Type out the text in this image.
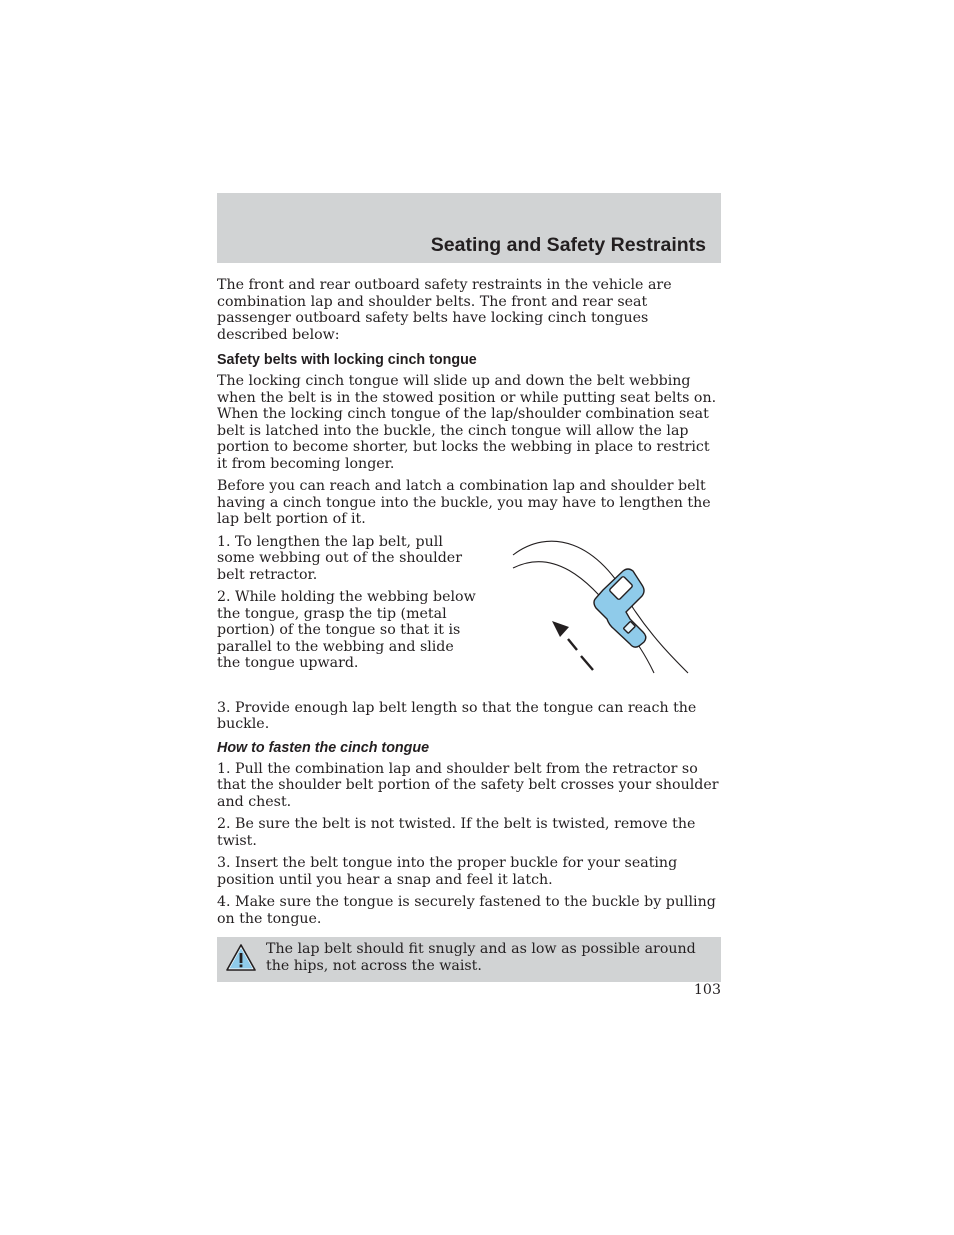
Seating and Safety Restraints

The front and rear outboard safety restraints in the vehicle are combination lap and shoulder belts. The front and rear seat passenger outboard safety belts have locking cinch tongues described below:

Safety belts with locking cinch tongue

The locking cinch tongue will slide up and down the belt webbing when the belt is in the stowed position or while putting seat belts on. When the locking cinch tongue of the lap/shoulder combination seat belt is latched into the buckle, the cinch tongue will allow the lap portion to become shorter, but locks the webbing in place to restrict it from becoming longer.

Before you can reach and latch a combination lap and shoulder belt having a cinch tongue into the buckle, you may have to lengthen the lap belt portion of it.

1. To lengthen the lap belt, pull some webbing out of the shoulder belt retractor.

2. While holding the webbing below the tongue, grasp the tip (metal portion) of the tongue so that it is parallel to the webbing and slide the tongue upward.

3. Provide enough lap belt length so that the tongue can reach the buckle.

How to fasten the cinch tongue

1. Pull the combination lap and shoulder belt from the retractor so that the shoulder belt portion of the safety belt crosses your shoulder and chest.

2. Be sure the belt is not twisted. If the belt is twisted, remove the twist.

3. Insert the belt tongue into the proper buckle for your seating position until you hear a snap and feel it latch.

4. Make sure the tongue is securely fastened to the buckle by pulling on the tongue.

The lap belt should fit snugly and as low as possible around the hips, not across the waist.

103
